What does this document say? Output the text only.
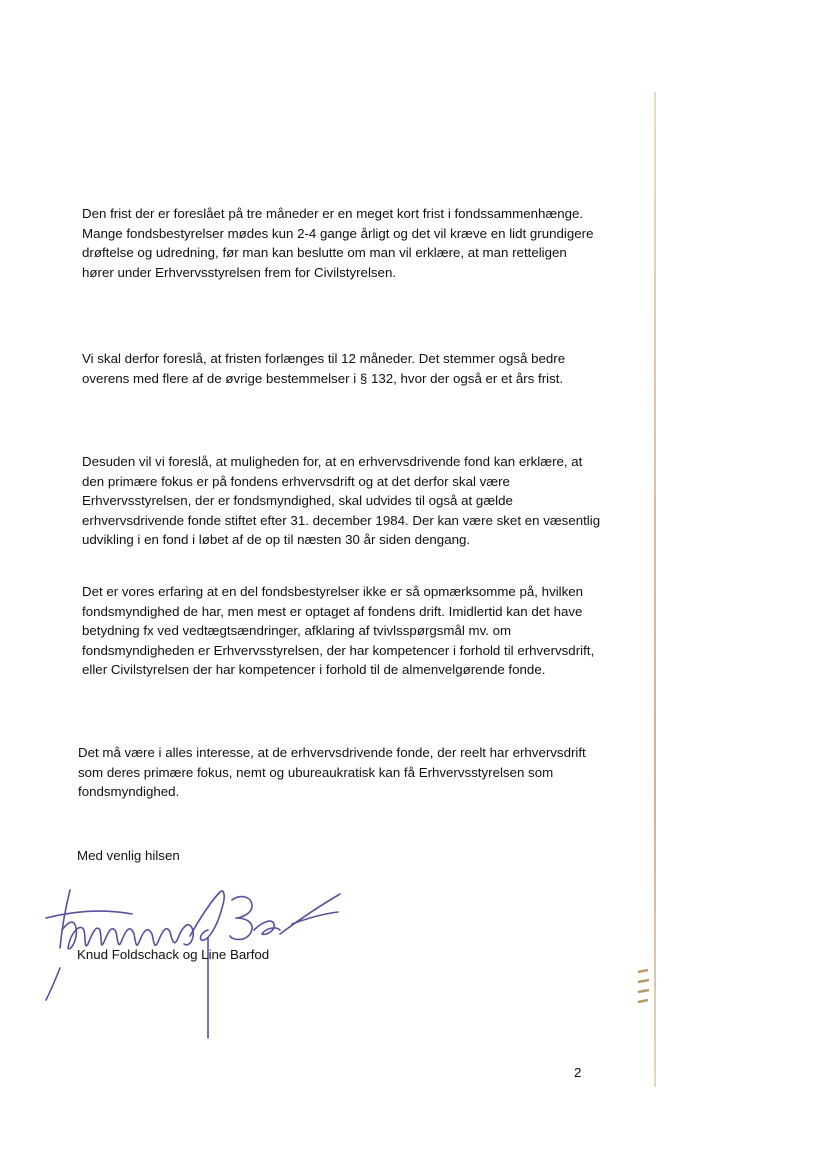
Den frist der er foreslået på tre måneder er en meget kort frist i fondssammenhænge. Mange fondsbestyrelser mødes kun 2-4 gange årligt og det vil kræve en lidt grundigere drøftelse og udredning, før man kan beslutte om man vil erklære, at man retteligen hører under Erhvervsstyrelsen frem for Civilstyrelsen.

Vi skal derfor foreslå, at fristen forlænges til 12 måneder. Det stemmer også bedre overens med flere af de øvrige bestemmelser i § 132, hvor der også er et års frist.

Desuden vil vi foreslå, at muligheden for, at en erhvervsdrivende fond kan erklære, at den primære fokus er på fondens erhvervsdrift og at det derfor skal være Erhvervsstyrelsen, der er fondsmyndighed, skal udvides til også at gælde erhvervsdrivende fonde stiftet efter 31. december 1984. Der kan være sket en væsentlig udvikling i en fond i løbet af de op til næsten 30 år siden dengang.

Det er vores erfaring at en del fondsbestyrelser ikke er så opmærksomme på, hvilken fondsmyndighed de har, men mest er optaget af fondens drift. Imidlertid kan det have betydning fx ved vedtægtsændringer, afklaring af tvivlsspørgsmål mv. om fondsmyndigheden er Erhvervsstyrelsen, der har kompetencer i forhold til erhvervsdrift, eller Civilstyrelsen der har kompetencer i forhold til de almenvelgørende fonde.

Det må være i alles interesse, at de erhvervsdrivende fonde, der reelt har erhvervsdrift som deres primære fokus, nemt og ubureaukratisk kan få Erhvervsstyrelsen som fondsmyndighed.

Med venlig hilsen
Knud Foldschack og Line Barfod
2
